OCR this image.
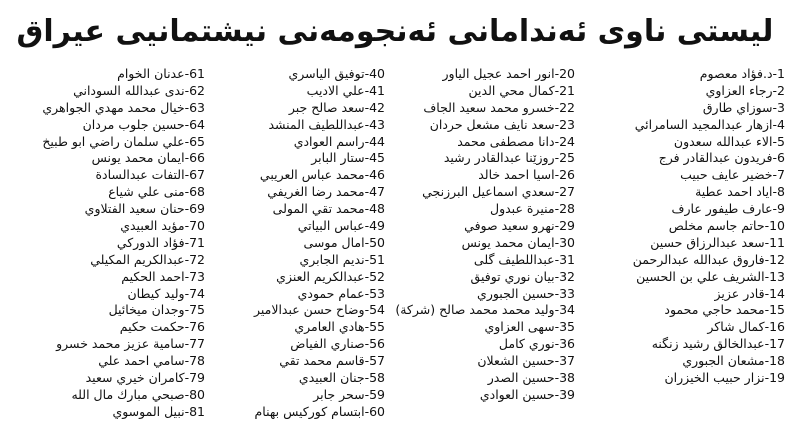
لیستی ناوی ئەندامانی ئەنجومەنی نیشتمانیی عیراق
1-د.فؤاد معصوم
2-رجاء العزاوي
3-سوزاي طارق
4-ازهار عبدالمجيد السامرائي
5-الاء عبدالله سعدون
6-فريدون عبدالقادر فرج
7-خضير عايف حبيب
8-اياد احمد عطية
9-عارف طيفور عارف
10-حاتم جاسم مخلص
11-سعد عبدالرزاق حسين
12-فاروق عبدالله عبدالرحمن
13-الشريف علي بن الحسين
14-قادر عزيز
15-محمد حاجي محمود
16-كمال شاكر
17-عبدالخالق رشيد زنگنه
18-مشعان الجبوري
19-نزار حبيب الخيزران
20-انور احمد عجيل الياور
21-كمال محي الدين
22-خسرو محمد سعيد الجاف
23-سعد نايف مشعل حردان
24-دانا مصطفى محمد
25-روزێنا عبدالقادر رشيد
26-اسيا احمد خالد
27-سعدي اسماعيل البرزنجي
28-منيرة عبدول
29-نهرو سعيد صوفي
30-ايمان محمد يونس
31-عبداللطيف گلی
32-بيان نوري توفيق
33-حسين الجبوري
34-وليد محمد محمد صالح (شركة)
35-سهى العزاوي
36-نوري كامل
37-حسين الشعلان
38-حسين الصدر
39-حسين العوادي
40-توفيق الياسري
41-علي الاديب
42-سعد صالح جبر
43-عبداللطيف المنشد
44-راسم العوادي
45-ستار البابر
46-محمد عباس العريبي
47-محمد رضا الغريفي
48-محمد تقي المولى
49-عباس البياتي
50-امال موسى
51-نديم الجابري
52-عبدالكريم العنزي
53-عمام حمودي
54-وضاح حسن عبدالامير
55-هادي العامري
56-صناري الفياض
57-قاسم محمد تقي
58-جنان العبيدي
59-سحر جابر
60-ابتسام كوركيس بهنام
61-عدنان الخوام
62-ندى عبدالله السوداني
63-خيال محمد مهدي الجواهري
64-حسين جلوب مردان
65-علي سلمان راضي ابو طبيخ
66-ايمان محمد يونس
67-التفات عبدالسادة
68-منى علي شياع
69-حنان سعيد الفتلاوي
70-مؤيد العبيدي
71-فؤاد الدوركي
72-عبدالكريم المكيلي
73-احمد الحكيم
74-وليد كيطان
75-وجدان ميخائيل
76-حكمت حكيم
77-سامية عزيز محمد خسرو
78-سامي احمد علي
79-كامران خيري سعيد
80-صبحي مبارك مال الله
81-نبيل الموسوي
